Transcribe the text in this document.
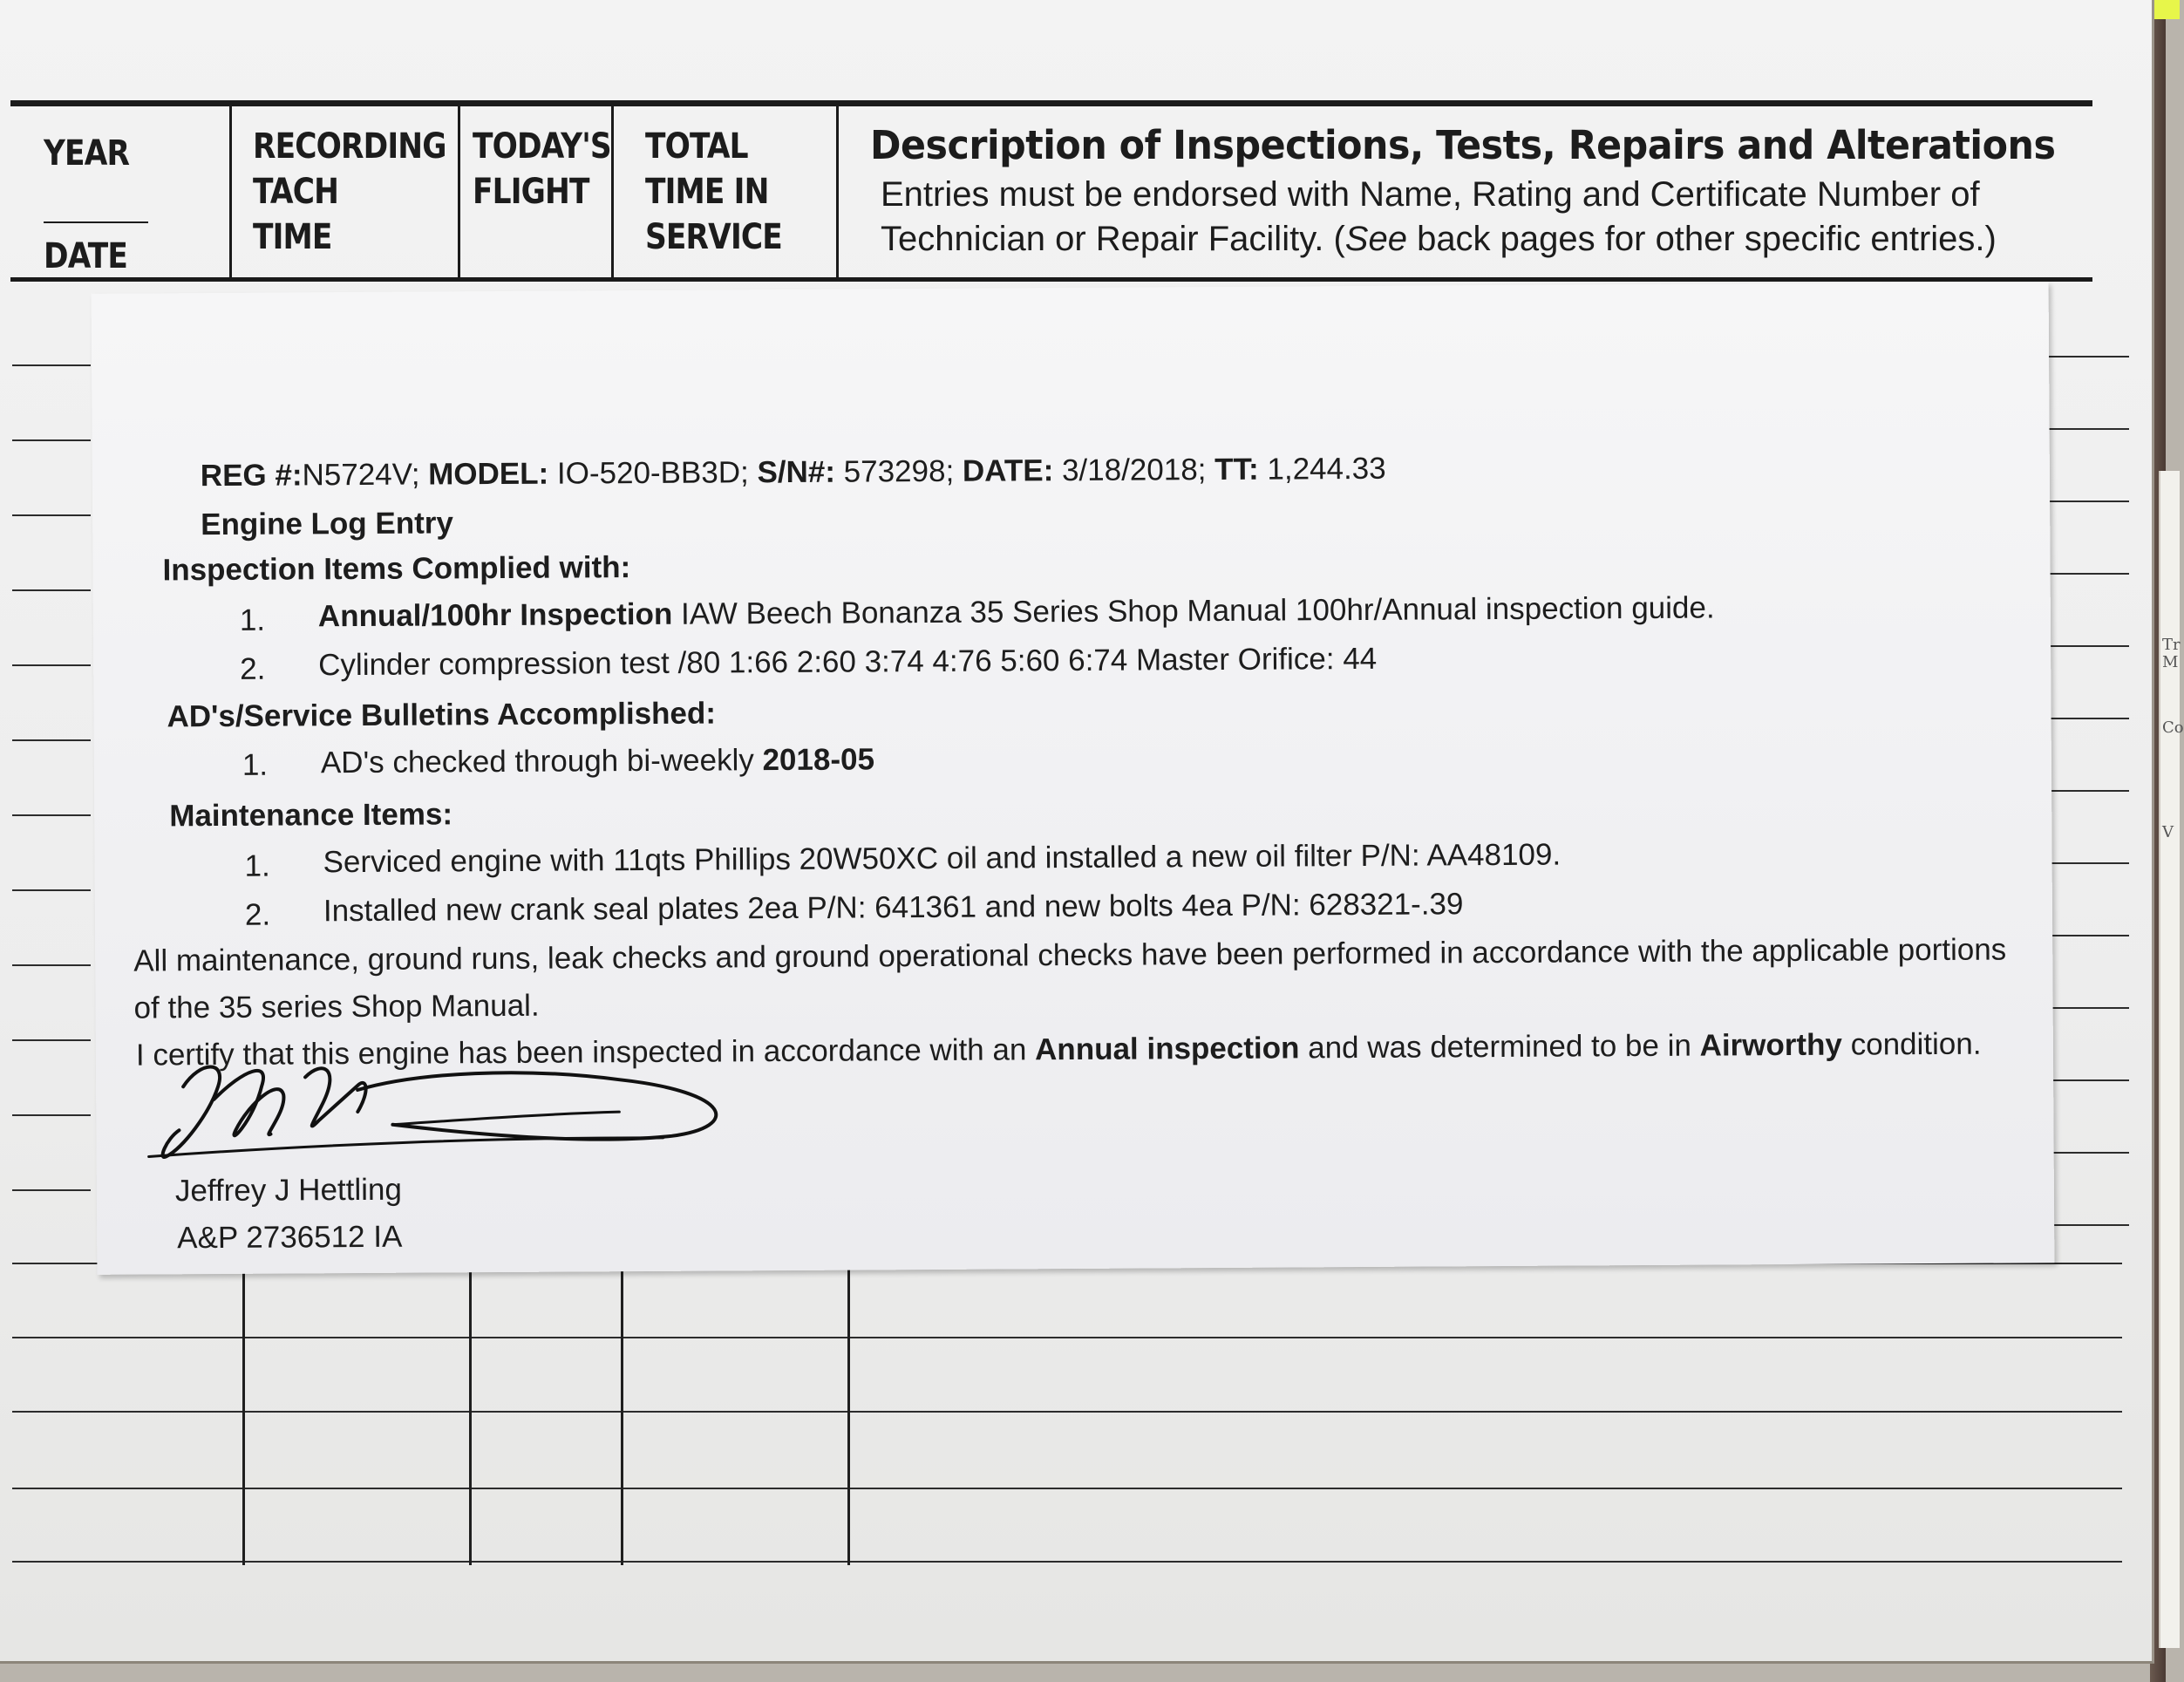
Tr
M
Co
V
YEAR
DATE
RECORDING
TACH
TIME
TODAY'S
FLIGHT
TOTAL
TIME IN
SERVICE
Description of Inspections, Tests, Repairs and Alterations
Entries must be endorsed with Name, Rating and Certificate Number of
Technician or Repair Facility. (See back pages for other specific entries.)
REG #:N5724V; MODEL: IO-520-BB3D; S/N#: 573298; DATE: 3/18/2018; TT: 1,244.33
Engine Log Entry
Inspection Items Complied with:
1. Annual/100hr Inspection IAW Beech Bonanza 35 Series Shop Manual 100hr/Annual inspection guide.
2. Cylinder compression test /80 1:66 2:60 3:74 4:76 5:60 6:74 Master Orifice: 44
AD's/Service Bulletins Accomplished:
1. AD's checked through bi-weekly 2018-05
Maintenance Items:
1. Serviced engine with 11qts Phillips 20W50XC oil and installed a new oil filter P/N: AA48109.
2. Installed new crank seal plates 2ea P/N: 641361 and new bolts 4ea P/N: 628321-.39
All maintenance, ground runs, leak checks and ground operational checks have been performed in accordance with the applicable portions
of the 35 series Shop Manual.
I certify that this engine has been inspected in accordance with an Annual inspection and was determined to be in Airworthy condition.
Jeffrey J Hettling
A&P 2736512 IA
